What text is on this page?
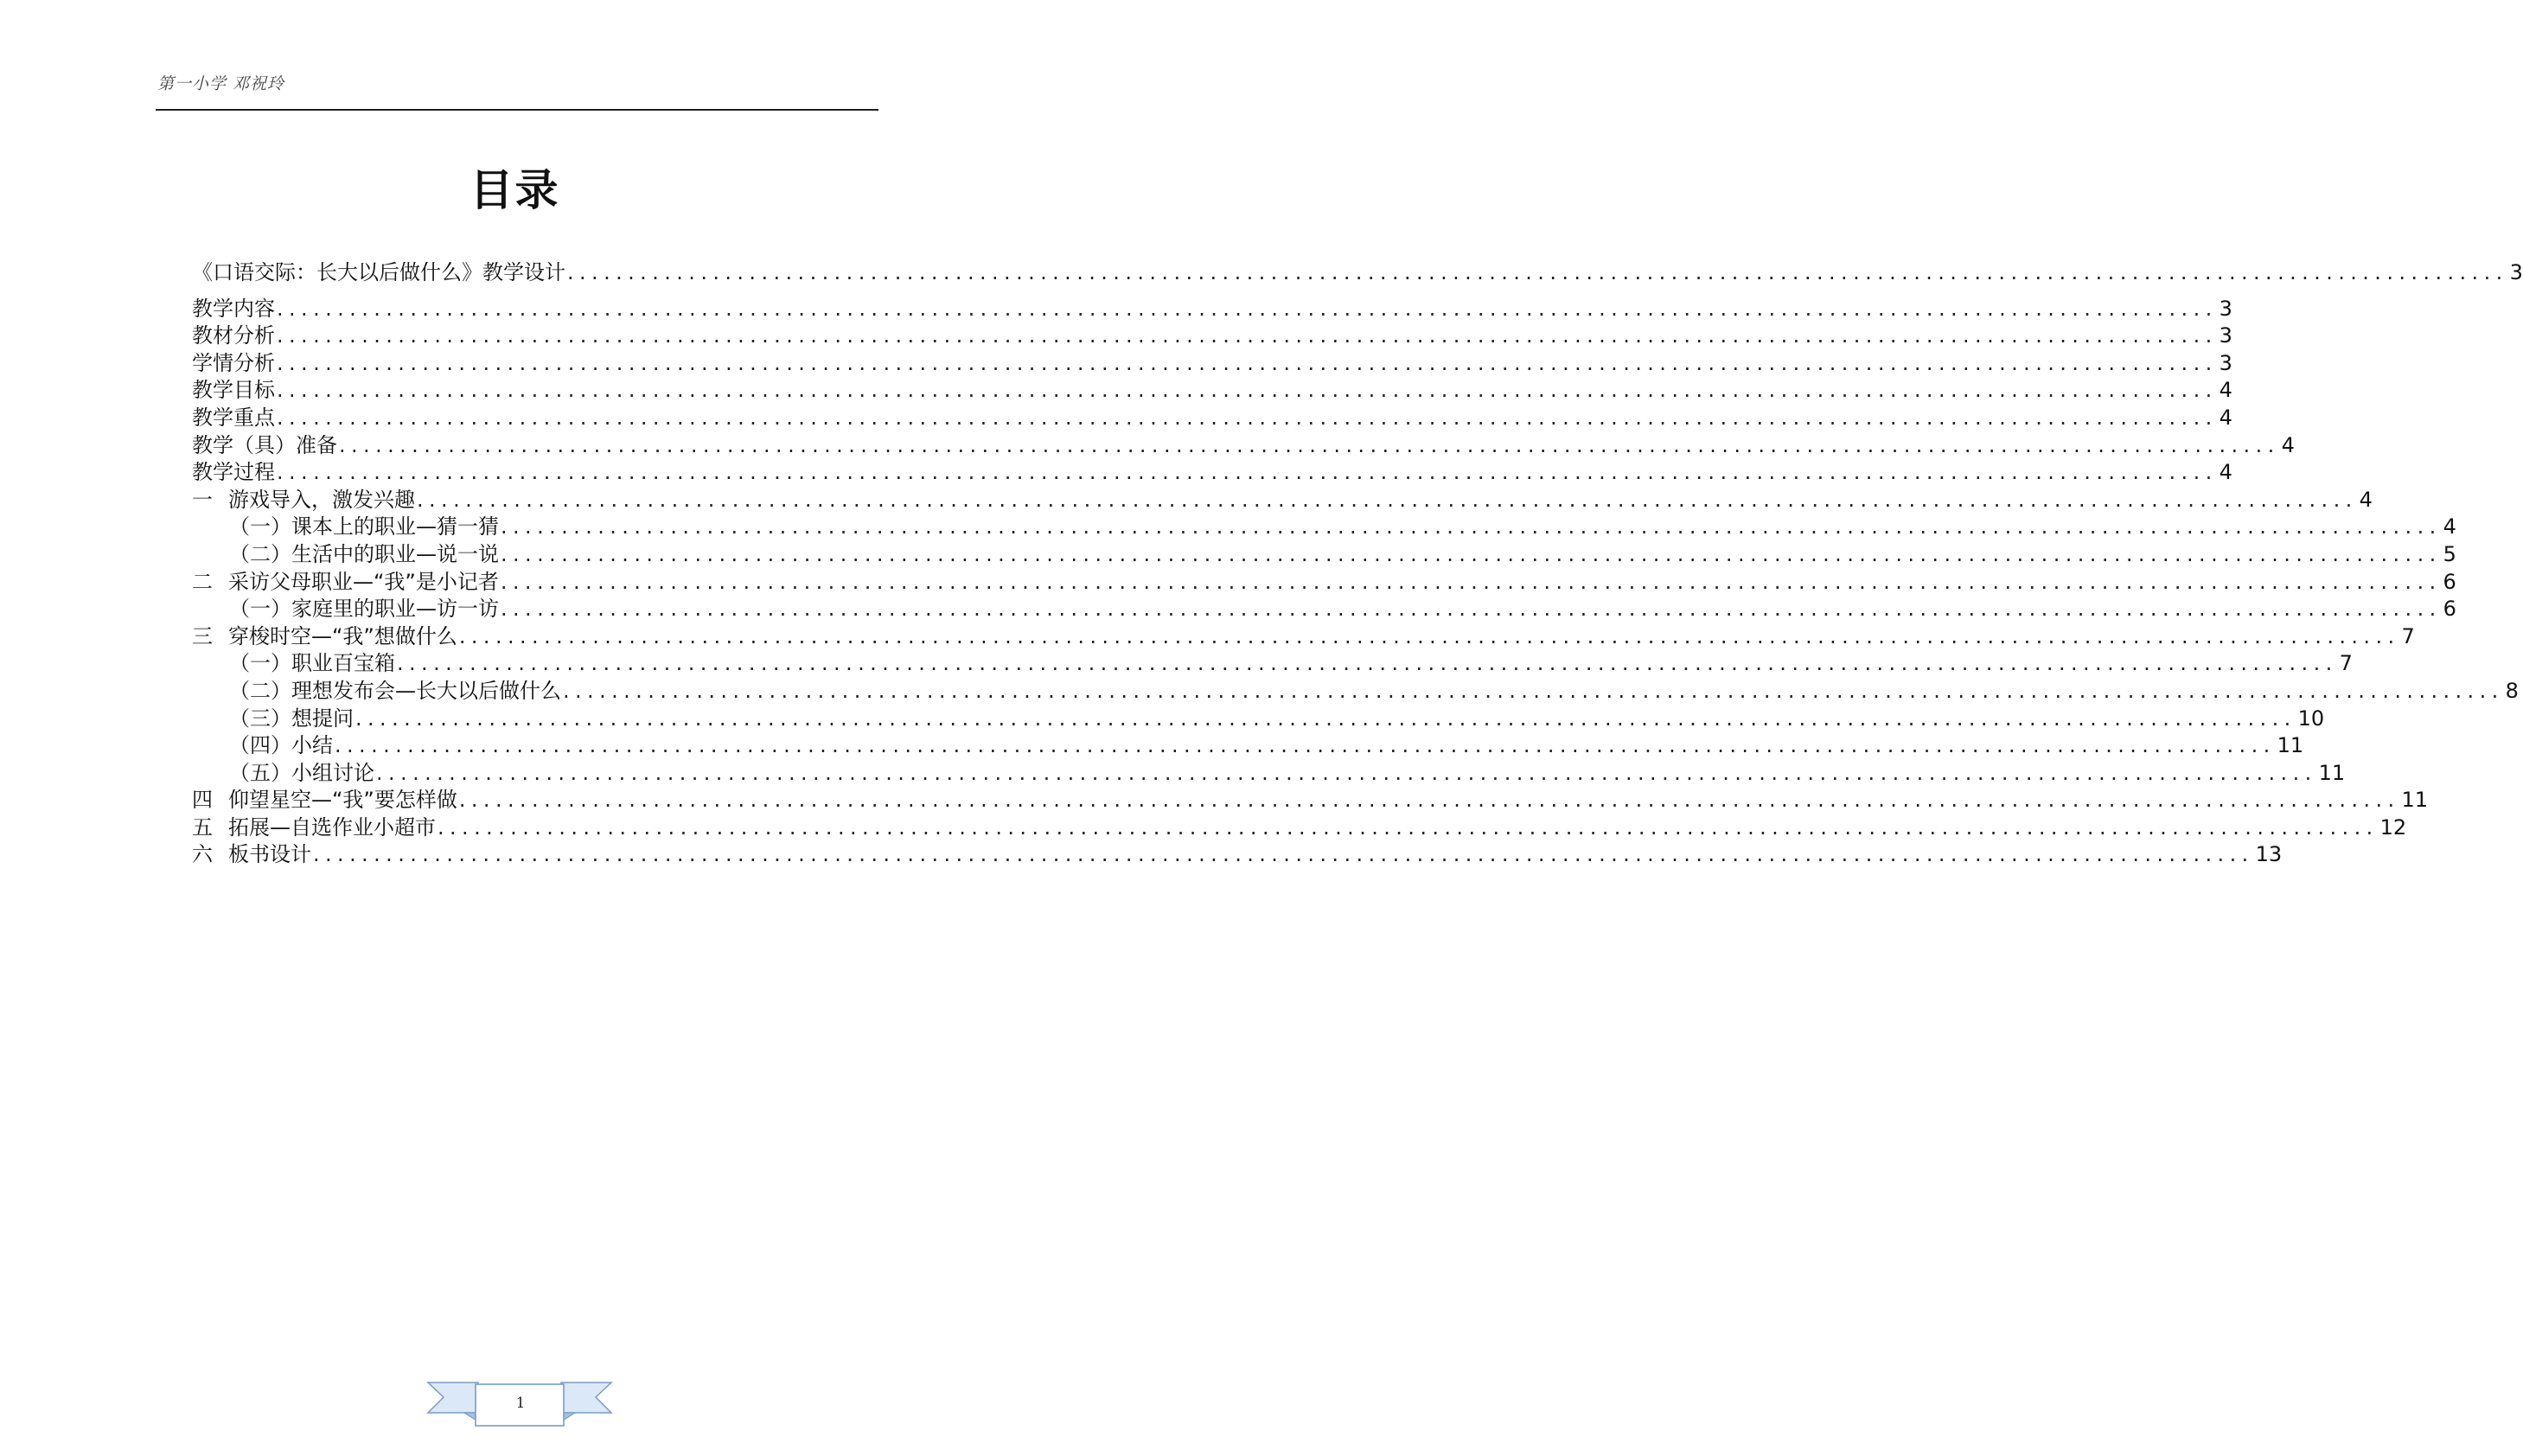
第一小学 邓祝玲
目录
《口语交际：长大以后做什么》教学设计 ................................................................................................................................................................ 3
教学内容 ................................................................................................................................................................ 3
教材分析 ................................................................................................................................................................ 3
学情分析 ................................................................................................................................................................ 3
教学目标 ................................................................................................................................................................ 4
教学重点 ................................................................................................................................................................ 4
教学（具）准备 ................................................................................................................................................................ 4
教学过程 ................................................................................................................................................................ 4
一 游戏导入，激发兴趣 ................................................................................................................................................................ 4
（一）课本上的职业—猜一猜 ................................................................................................................................................................ 4
（二）生活中的职业—说一说 ................................................................................................................................................................ 5
二 采访父母职业—“我”是小记者 ................................................................................................................................................................ 6
（一）家庭里的职业—访一访 ................................................................................................................................................................ 6
三 穿梭时空—“我”想做什么 ................................................................................................................................................................ 7
（一）职业百宝箱 ................................................................................................................................................................ 7
（二）理想发布会—长大以后做什么 ................................................................................................................................................................ 8
（三）想提问 ................................................................................................................................................................ 10
（四）小结 ................................................................................................................................................................ 11
（五）小组讨论 ................................................................................................................................................................ 11
四 仰望星空—“我”要怎样做 ................................................................................................................................................................ 11
五 拓展—自选作业小超市 ................................................................................................................................................................ 12
六 板书设计 ................................................................................................................................................................ 13
1
